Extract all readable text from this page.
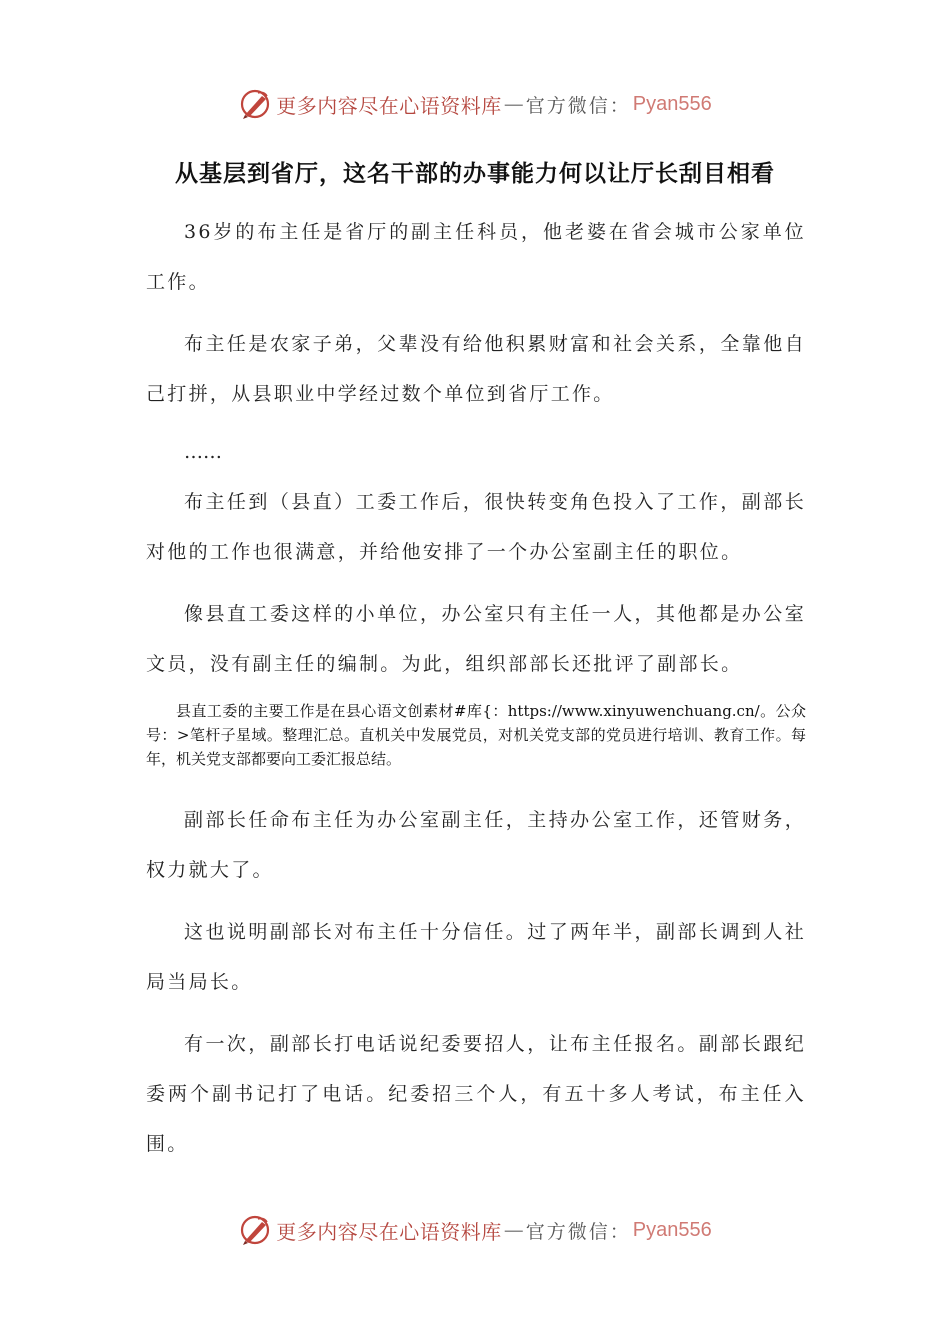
更多内容尽在心语资料库 — 官方微信： Pyan556
从基层到省厅，这名干部的办事能力何以让厅长刮目相看

36岁的布主任是省厅的副主任科员，他老婆在省会城市公家单位工作。

布主任是农家子弟，父辈没有给他积累财富和社会关系，全靠他自己打拼，从县职业中学经过数个单位到省厅工作。

……

布主任到（县直）工委工作后，很快转变角色投入了工作，副部长对他的工作也很满意，并给他安排了一个办公室副主任的职位。

像县直工委这样的小单位，办公室只有主任一人，其他都是办公室文员，没有副主任的编制。为此，组织部部长还批评了副部长。

县直工委的主要工作是在县心语文创素材#库{：https://www.xinyuwenchuang.cn/。公众号：>笔杆子星域。整理汇总。直机关中发展党员，对机关党支部的党员进行培训、教育工作。每年，机关党支部都要向工委汇报总结。

副部长任命布主任为办公室副主任，主持办公室工作，还管财务，权力就大了。

这也说明副部长对布主任十分信任。过了两年半，副部长调到人社局当局长。

有一次，副部长打电话说纪委要招人，让布主任报名。副部长跟纪委两个副书记打了电话。纪委招三个人，有五十多人考试，布主任入围。

更多内容尽在心语资料库 — 官方微信： Pyan556
